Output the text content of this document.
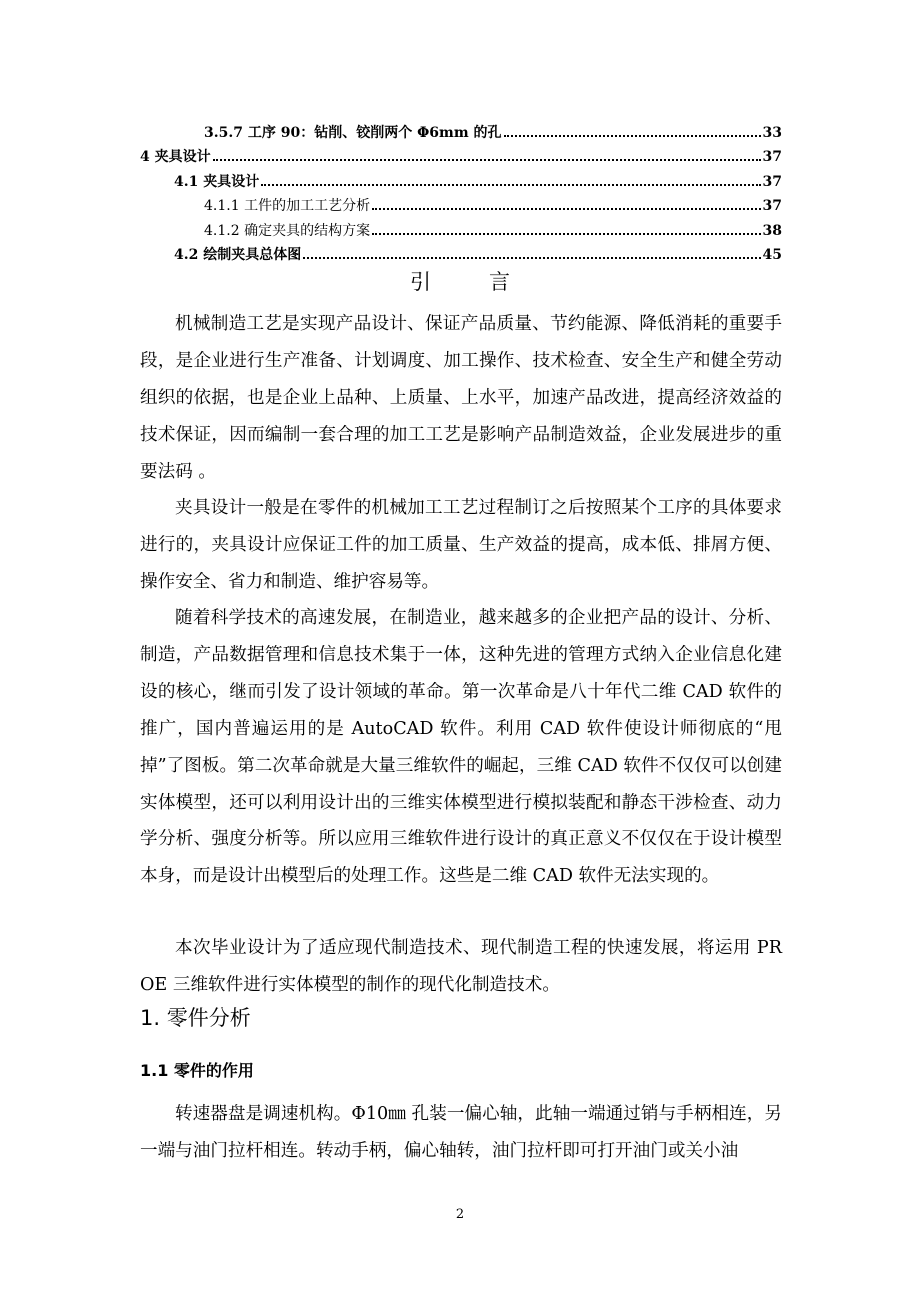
3.5.7 工序 90：钻削、铰削两个 Φ6mm 的孔	33
4 夹具设计	37
4.1 夹具设计	37
4.1.1 工件的加工工艺分析	37
4.1.2 确定夹具的结构方案	38
4.2 绘制夹具总体图	45
引言

机械制造工艺是实现产品设计、保证产品质量、节约能源、降低消耗的重要手段，是企业进行生产准备、计划调度、加工操作、技术检查、安全生产和健全劳动组织的依据，也是企业上品种、上质量、上水平，加速产品改进，提高经济效益的技术保证，因而编制一套合理的加工工艺是影响产品制造效益，企业发展进步的重要法码 。

夹具设计一般是在零件的机械加工工艺过程制订之后按照某个工序的具体要求进行的，夹具设计应保证工件的加工质量、生产效益的提高，成本低、排屑方便、操作安全、省力和制造、维护容易等。

随着科学技术的高速发展，在制造业，越来越多的企业把产品的设计、分析、制造，产品数据管理和信息技术集于一体，这种先进的管理方式纳入企业信息化建设的核心，继而引发了设计领域的革命。第一次革命是八十年代二维 CAD 软件的推广，国内普遍运用的是 AutoCAD 软件。利用 CAD 软件使设计师彻底的“甩掉”了图板。第二次革命就是大量三维软件的崛起，三维 CAD 软件不仅仅可以创建实体模型，还可以利用设计出的三维实体模型进行模拟装配和静态干涉检查、动力学分析、强度分析等。所以应用三维软件进行设计的真正意义不仅仅在于设计模型本身，而是设计出模型后的处理工作。这些是二维 CAD 软件无法实现的。

本次毕业设计为了适应现代制造技术、现代制造工程的快速发展，将运用 PROE 三维软件进行实体模型的制作的现代化制造技术。

1. 零件分析
1.1 零件的作用

转速器盘是调速机构。Φ10㎜ 孔装一偏心轴，此轴一端通过销与手柄相连，另一端与油门拉杆相连。转动手柄，偏心轴转，油门拉杆即可打开油门或关小油

2
